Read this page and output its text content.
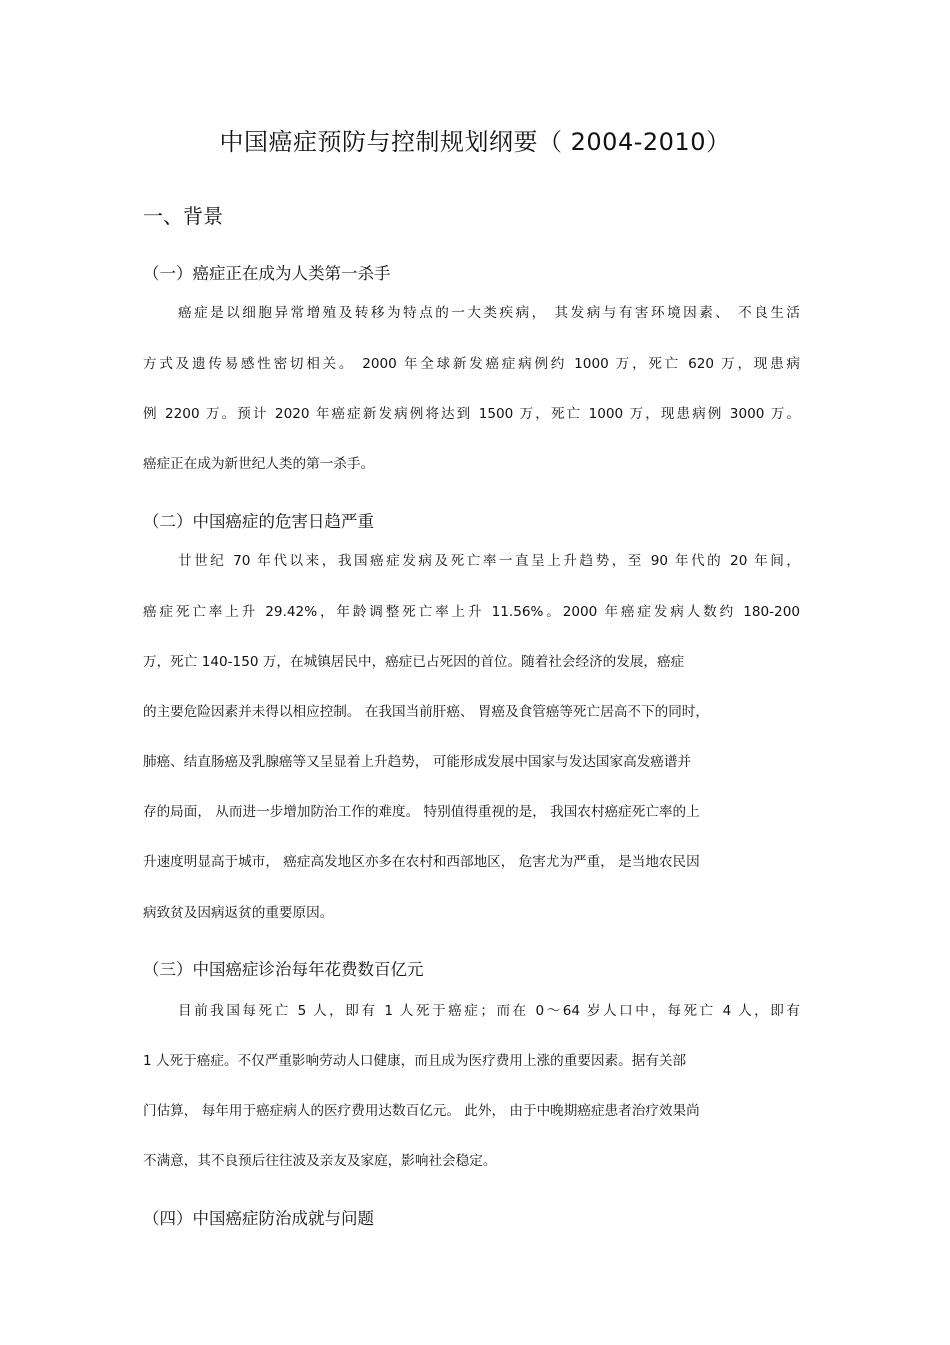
中国癌症预防与控制规划纲要（ 2004-2010）
一、背景
（一）癌症正在成为人类第一杀手
癌症是以细胞异常增殖及转移为特点的一大类疾病， 其发病与有害环境因素、 不良生活
方式及遗传易感性密切相关。 2000 年全球新发癌症病例约 1000 万，死亡 620 万，现患病
例 2200 万。预计 2020 年癌症新发病例将达到 1500 万，死亡 1000 万，现患病例 3000 万。
癌症正在成为新世纪人类的第一杀手。
（二）中国癌症的危害日趋严重
廿世纪 70 年代以来，我国癌症发病及死亡率一直呈上升趋势，至 90 年代的 20 年间，
癌症死亡率上升 29.42%，年龄调整死亡率上升 11.56%。2000 年癌症发病人数约 180-200
万，死亡 140-150 万，在城镇居民中，癌症已占死因的首位。随着社会经济的发展，癌症
的主要危险因素并未得以相应控制。 在我国当前肝癌、 胃癌及食管癌等死亡居高不下的同时，
肺癌、结直肠癌及乳腺癌等又呈显着上升趋势， 可能形成发展中国家与发达国家高发癌谱并
存的局面， 从而进一步增加防治工作的难度。 特别值得重视的是， 我国农村癌症死亡率的上
升速度明显高于城市， 癌症高发地区亦多在农村和西部地区， 危害尤为严重， 是当地农民因
病致贫及因病返贫的重要原因。
（三）中国癌症诊治每年花费数百亿元
目前我国每死亡 5 人，即有 1 人死于癌症；而在 0～64 岁人口中，每死亡 4 人，即有
1 人死于癌症。不仅严重影响劳动人口健康，而且成为医疗费用上涨的重要因素。据有关部
门估算， 每年用于癌症病人的医疗费用达数百亿元。 此外， 由于中晚期癌症患者治疗效果尚
不满意，其不良预后往往波及亲友及家庭，影响社会稳定。
（四）中国癌症防治成就与问题
